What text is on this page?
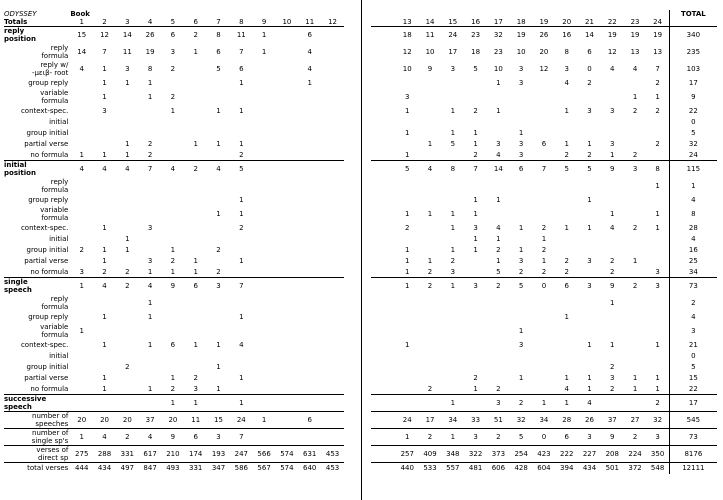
ODYSSEY	Book											
Totals	1	2	3	4	5	6	7	8	9	10	11	12
reply
position	15	12	14	26	6	2	8	11	1		6	
reply
formula	14	7	11	19	3	1	6	7	1		4	
reply w/
-μειβ- root	4	1	3	8	2		5	6			4	
group reply		1	1	1				1			1	
variable
formula		1		1	2							
context-spec.		3			1		1	1				
initial												
group initial												
partial verse			1	2		1	1	1				
no formula	1	1	1	2				2				
initial
position	4	4	4	7	4	2	4	5				
reply
formula												
group reply								1				
variable
formula							1	1				
context-spec.		1		3				2				
initial			1									
group initial	2	1	1		1		2					
partial verse		1		3	2	1		1				
no formula	3	2	2	1	1	1	2					
single
speech	1	4	2	4	9	6	3	7				
reply
formula				1								
group reply		1		1				1				
variable
formula	1											
context-spec.		1		1	6	1	1	4				
initial												
group initial			2				1					
partial verse		1			1	2		1				
no formula		1		1	2	3	1					
successive
speech					1	1		1				
number of
speeches	20	20	20	37	20	11	15	24	1		6	
number of
single sp's	1	4	2	4	9	6	3	7				
verses of
direct sp	275	288	331	617	210	174	193	247	566	574	631	453
total verses	444	434	497	847	493	331	347	586	567	574	640	453
													TOTAL
	13	14	15	16	17	18	19	20	21	22	23	24	
	18	11	24	23	32	19	26	16	14	19	19	19	340
	12	10	17	18	23	10	20	8	6	12	13	13	235
	10	9	3	5	10	3	12	3	0	4	4	7	103
					1	3		4	2			2	17
	3										1	1	9
	1		1	2	1			1	3	3	2	2	22
													0
	1		1	1		1							5
		1	5	1	3	3	6	1	1	3		2	32
	1			2	4	3		2	2	1	2		24
	5	4	8	7	14	6	7	5	5	9	3	8	115
												1	1
				1	1				1				4
	1	1	1	1						1		1	8
	2		1	3	4	1	2	1	1	4	2	1	28
				1	1		1						4
	1		1	1	2	1	2						16
	1	1	2		1	3	1	2	3	2	1		25
	1	2	3		5	2	2	2		2		3	34
	1	2	1	3	2	5	0	6	3	9	2	3	73
										1			2
								1					4
						1							3
	1					3			1	1		1	21
													0
										2			5
				2		1		1	1	3	1	1	15
		2		1	2			4	1	2	1	1	22
			1		3	2	1	1	4			2	17
	24	17	34	33	51	32	34	28	26	37	27	32	545
	1	2	1	3	2	5	0	6	3	9	2	3	73
	257	409	348	322	373	254	423	222	227	208	224	350	8176
	440	533	557	481	606	428	604	394	434	501	372	548	12111
